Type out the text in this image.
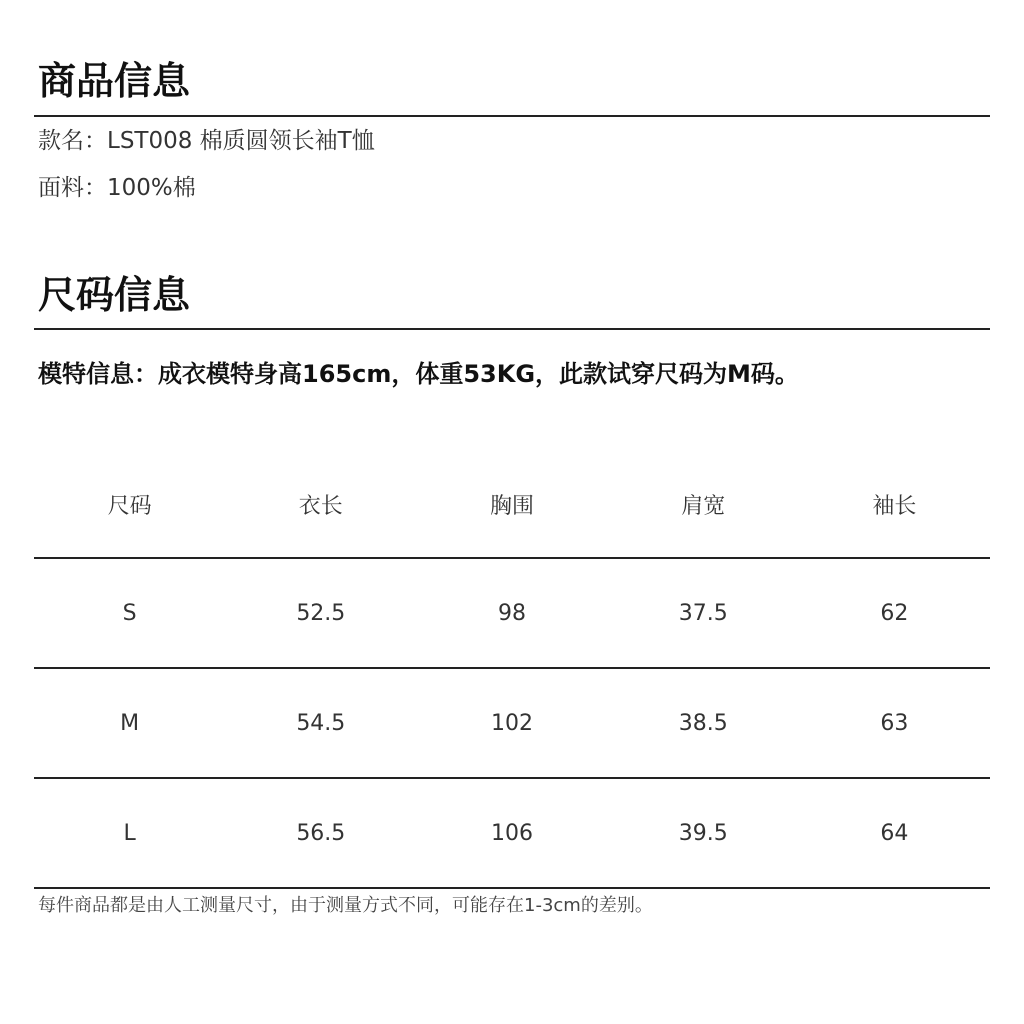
商品信息
款名：LST008 棉质圆领长袖T恤
面料：100%棉
尺码信息
模特信息：成衣模特身高165cm，体重53KG，此款试穿尺码为M码。
尺码	衣长	胸围	肩宽	袖长
S	52.5	98	37.5	62
M	54.5	102	38.5	63
L	56.5	106	39.5	64
每件商品都是由人工测量尺寸，由于测量方式不同，可能存在1-3cm的差别。
